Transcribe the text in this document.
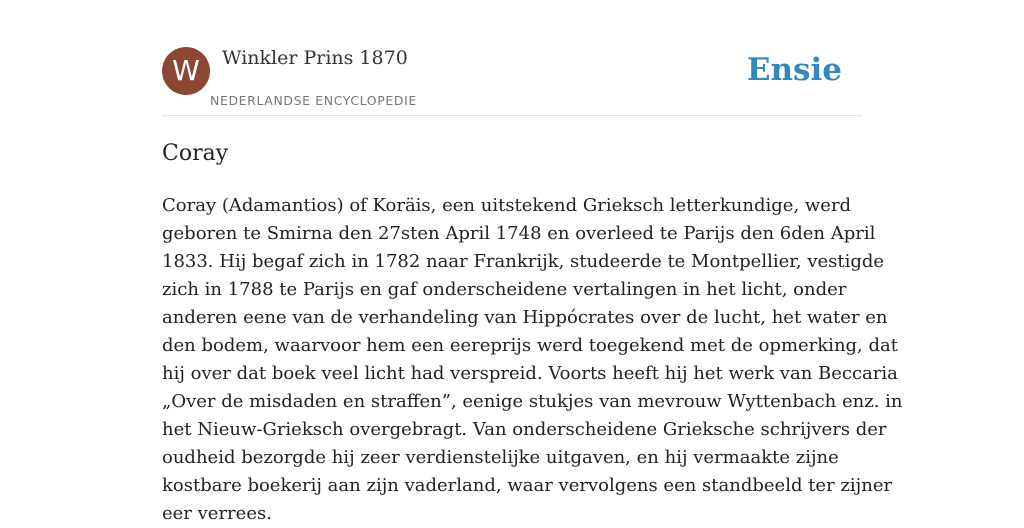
W	Winkler Prins 1870
NEDERLANDSE ENCYCLOPEDIE
Ensie
Coray
Coray (Adamantios) of Koräis, een uitstekend Grieksch letterkundige, werd
geboren te Smirna den 27sten April 1748 en overleed te Parijs den 6den April
1833. Hij begaf zich in 1782 naar Frankrijk, studeerde te Montpellier, vestigde
zich in 1788 te Parijs en gaf onderscheidene vertalingen in het licht, onder
anderen eene van de verhandeling van Hippócrates over de lucht, het water en
den bodem, waarvoor hem een eereprijs werd toegekend met de opmerking, dat
hij over dat boek veel licht had verspreid. Voorts heeft hij het werk van Beccaria
„Over de misdaden en straffen”, eenige stukjes van mevrouw Wyttenbach enz. in
het Nieuw-Grieksch overgebragt. Van onderscheidene Grieksche schrijvers der
oudheid bezorgde hij zeer verdienstelijke uitgaven, en hij vermaakte zijne
kostbare boekerij aan zijn vaderland, waar vervolgens een standbeeld ter zijner
eer verrees.
